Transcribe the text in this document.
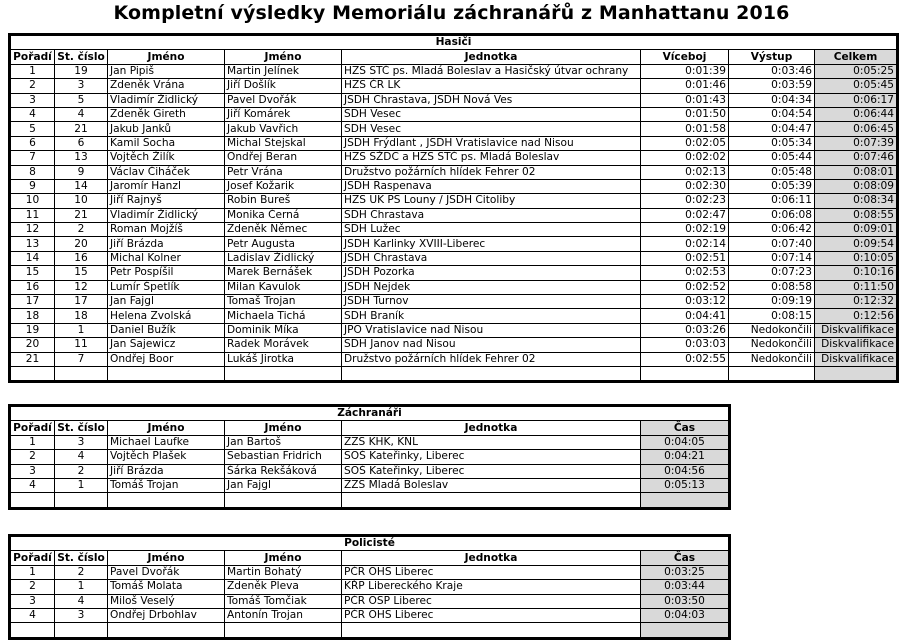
Kompletní výsledky Memoriálu záchranářů z Manhattanu 2016
Hasiči							
Pořadí	St. číslo	Jméno	Jméno	Jednotka	Víceboj	Výstup	Celkem
1	19	Jan Pipiš	Martin Jelínek	HZS STČ ps. Mladá Boleslav a Hasičský útvar ochrany	0:01:39	0:03:46	0:05:25
2	3	Zdeněk Vrána	Jiří Došlík	HZS ČR LK	0:01:46	0:03:59	0:05:45
3	5	Vladimír Židlický	Pavel Dvořák	JSDH Chrastava, JSDH Nová Ves	0:01:43	0:04:34	0:06:17
4	4	Zdeněk Gireth	Jiří Komárek	SDH Vesec	0:01:50	0:04:54	0:06:44
5	21	Jakub Janků	Jakub Vavřich	SDH Vesec	0:01:58	0:04:47	0:06:45
6	6	Kamil Socha	Michal Stejskal	JSDH Frýdlant , JSDH Vratislavice nad Nisou	0:02:05	0:05:34	0:07:39
7	13	Vojtěch Žilík	Ondřej Beran	HZS SŽDC a HZS STČ ps. Mladá Boleslav	0:02:02	0:05:44	0:07:46
8	9	Václav Čiháček	Petr Vrána	Družstvo požárních hlídek Fehrer 02	0:02:13	0:05:48	0:08:01
9	14	Jaromír Hanzl	Josef Kožarik	JSDH Raspenava	0:02:30	0:05:39	0:08:09
10	10	Jiří Rajnyš	Robin Bureš	HZS UK PS Louny / JSDH Citoliby	0:02:23	0:06:11	0:08:34
11	21	Vladimír Židlický	Monika Černá	SDH Chrastava	0:02:47	0:06:08	0:08:55
12	2	Roman Mojžíš	Zdeněk Němec	SDH Lužec	0:02:19	0:06:42	0:09:01
13	20	Jiří Brázda	Petr Augusta	JSDH Karlinky XVIII-Liberec	0:02:14	0:07:40	0:09:54
14	16	Michal Kolner	Ladislav Židlický	JSDH Chrastava	0:02:51	0:07:14	0:10:05
15	15	Petr Pospíšil	Marek Bernášek	JSDH Pozorka	0:02:53	0:07:23	0:10:16
16	12	Lumír Špetlík	Milan Kavulok	JSDH Nejdek	0:02:52	0:08:58	0:11:50
17	17	Jan Fajgl	Tomaš Trojan	JSDH Turnov	0:03:12	0:09:19	0:12:32
18	18	Helena Zvolská	Michaela Tichá	SDH Braník	0:04:41	0:08:15	0:12:56
19	1	Daniel Bužík	Dominik Míka	JPO Vratislavice nad Nisou	0:03:26	Nedokončili	Diskvalifikace
20	11	Jan Sajewicz	Radek Morávek	SDH Janov nad Nisou	0:03:03	Nedokončili	Diskvalifikace
21	7	Ondřej Boor	Lukáš Jirotka	Družstvo požárních hlídek Fehrer 02	0:02:55	Nedokončili	Diskvalifikace

Záchranáři					
Pořadí	St. číslo	Jméno	Jméno	Jednotka	Čas
1	3	Michael Laufke	Jan Bartoš	ZZS KHK, KNL	0:04:05
2	4	Vojtěch Plašek	Sebastian Fridrich	SOŠ Kateřinky, Liberec	0:04:21
3	2	Jiří Brázda	Šárka Rekšáková	SOŠ Kateřinky, Liberec	0:04:56
4	1	Tomáš Trojan	Jan Fajgl	ZZS Mladá Boleslav	0:05:13

Policisté					
Pořadí	St. číslo	Jméno	Jméno	Jednotka	Čas
1	2	Pavel Dvořák	Martin Bohatý	PČR OHS Liberec	0:03:25
2	1	Tomáš Molata	Zdeněk Pleva	KŘP Libereckého Kraje	0:03:44
3	4	Miloš Veselý	Tomáš Tomčiak	PČR OSP Liberec	0:03:50
4	3	Ondřej Drbohlav	Antonín Trojan	PČR OHS Liberec	0:04:03
